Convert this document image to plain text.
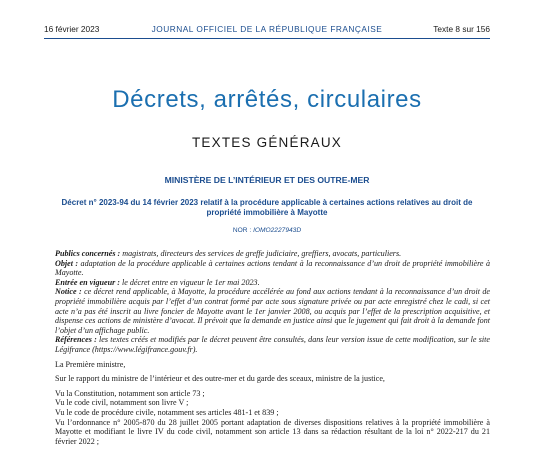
16 février 2023	JOURNAL OFFICIEL DE LA RÉPUBLIQUE FRANÇAISE	Texte 8 sur 156
Décrets, arrêtés, circulaires
TEXTES GÉNÉRAUX
MINISTÈRE DE L’INTÉRIEUR ET DES OUTRE-MER
Décret n° 2023-94 du 14 février 2023 relatif à la procédure applicable à certaines actions relatives au droit de propriété immobilière à Mayotte
NOR : IOMO2227943D

Publics concernés : magistrats, directeurs des services de greffe judiciaire, greffiers, avocats, particuliers.

Objet : adaptation de la procédure applicable à certaines actions tendant à la reconnaissance d’un droit de propriété immobilière à Mayotte.

Entrée en vigueur : le décret entre en vigueur le 1er mai 2023.

Notice : ce décret rend applicable, à Mayotte, la procédure accélérée au fond aux actions tendant à la reconnaissance d’un droit de propriété immobilière acquis par l’effet d’un contrat formé par acte sous signature privée ou par acte enregistré chez le cadi, si cet acte n’a pas été inscrit au livre foncier de Mayotte avant le 1er janvier 2008, ou acquis par l’effet de la prescription acquisitive, et dispense ces actions de ministère d’avocat. Il prévoit que la demande en justice ainsi que le jugement qui fait droit à la demande font l’objet d’un affichage public.

Références : les textes créés et modifiés par le décret peuvent être consultés, dans leur version issue de cette modification, sur le site Légifrance (https://www.légifrance.gouv.fr).

La Première ministre,

Sur le rapport du ministre de l’intérieur et des outre-mer et du garde des sceaux, ministre de la justice,

Vu la Constitution, notamment son article 73 ;

Vu le code civil, notamment son livre V ;

Vu le code de procédure civile, notamment ses articles 481-1 et 839 ;

Vu l’ordonnance n° 2005-870 du 28 juillet 2005 portant adaptation de diverses dispositions relatives à la propriété immobilière à Mayotte et modifiant le livre IV du code civil, notamment son article 13 dans sa rédaction résultant de la loi n° 2022-217 du 21 février 2022 ;
